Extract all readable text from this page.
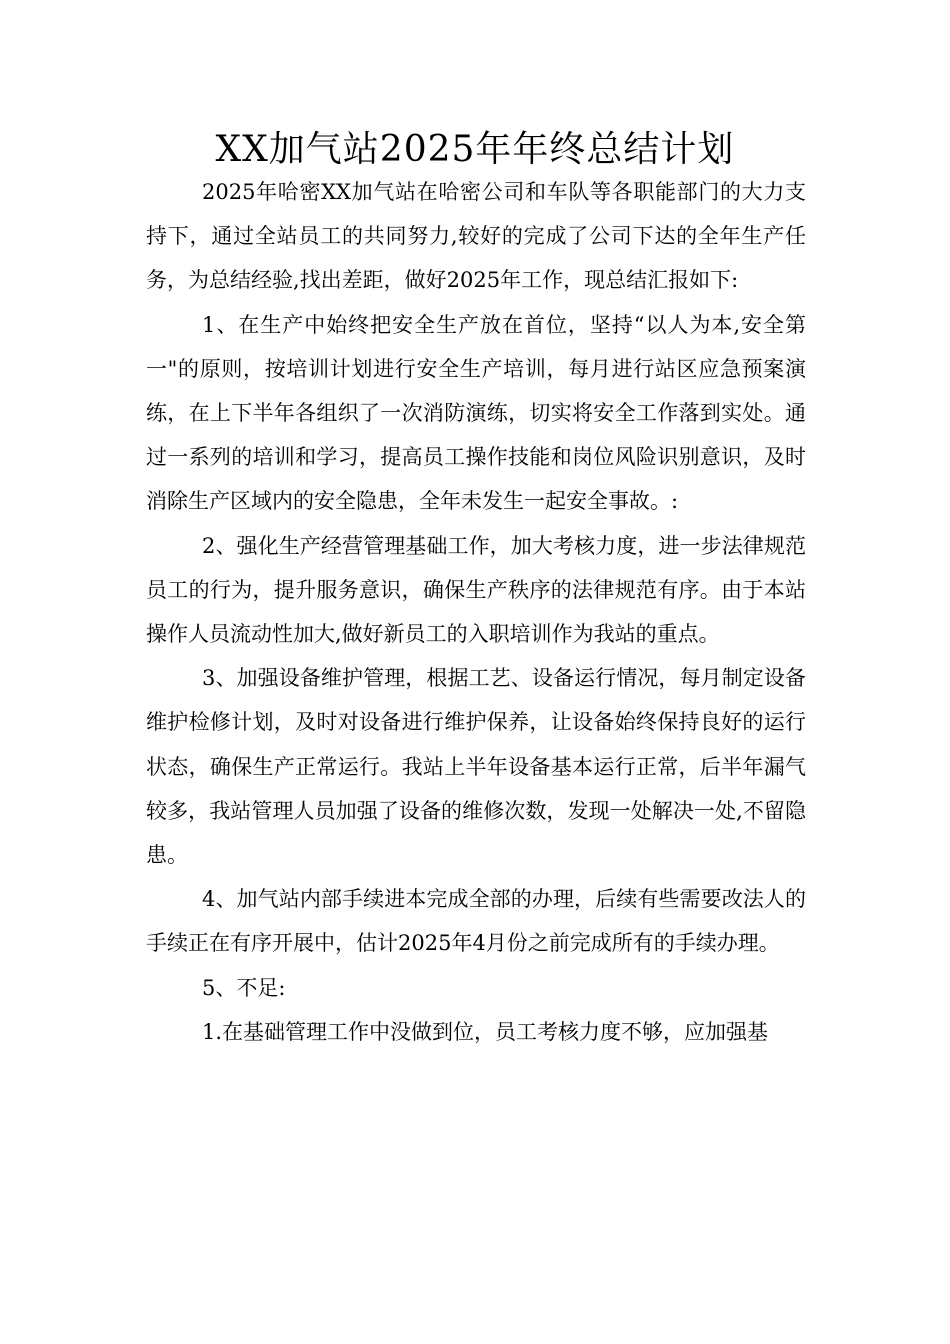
XX加气站2025年年终总结计划

2025年哈密XX加气站在哈密公司和车队等各职能部门的大力支持下，通过全站员工的共同努力,较好的完成了公司下达的全年生产任务，为总结经验,找出差距，做好2025年工作，现总结汇报如下:

1、在生产中始终把安全生产放在首位，坚持“以人为本,安全第一"的原则，按培训计划进行安全生产培训，每月进行站区应急预案演练，在上下半年各组织了一次消防演练，切实将安全工作落到实处。通过一系列的培训和学习，提高员工操作技能和岗位风险识别意识，及时消除生产区域内的安全隐患，全年未发生一起安全事故。:

2、强化生产经营管理基础工作，加大考核力度，进一步法律规范员工的行为，提升服务意识，确保生产秩序的法律规范有序。由于本站操作人员流动性加大,做好新员工的入职培训作为我站的重点。

3、加强设备维护管理，根据工艺、设备运行情况，每月制定设备维护检修计划，及时对设备进行维护保养，让设备始终保持良好的运行状态，确保生产正常运行。我站上半年设备基本运行正常，后半年漏气较多，我站管理人员加强了设备的维修次数，发现一处解决一处,不留隐患。

4、加气站内部手续进本完成全部的办理，后续有些需要改法人的手续正在有序开展中，估计2025年4月份之前完成所有的手续办理。

5、不足:

1.在基础管理工作中没做到位，员工考核力度不够，应加强基
